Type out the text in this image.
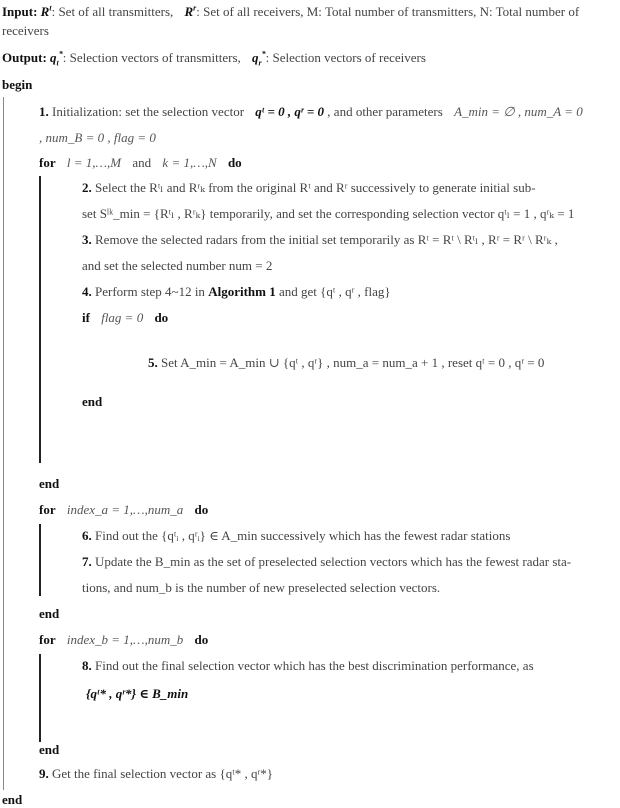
Input: $R^t$: Set of all transmitters, $R^r$: Set of all receivers, M: Total number of transmitters, N: Total number of
receivers
Output: $q_t^*$: Selection vectors of transmitters, $q_r^*$: Selection vectors of receivers
begin
1. Initialization: set the selection vector qᵗ = 0 , qʳ = 0 , and other parameters A_min = ∅ , num_A = 0
, num_B = 0 , flag = 0
for l = 1,…,M and k = 1,…,N do
2. Select the Rᵗₗ and Rʳₖ from the original Rᵗ and Rʳ successively to generate initial sub-
set Sˡᵏ_min = {Rᵗₗ , Rʳₖ} temporarily, and set the corresponding selection vector qᵗₗ = 1 , qʳₖ = 1
3. Remove the selected radars from the initial set temporarily as Rᵗ = Rᵗ \ Rᵗₗ , Rʳ = Rʳ \ Rʳₖ ,
and set the selected number num = 2
4. Perform step 4~12 in Algorithm 1 and get {qᵗ , qʳ , flag}
if flag = 0 do
5. Set A_min = A_min ∪ {qᵗ , qʳ} , num_a = num_a + 1 , reset qᵗ = 0 , qʳ = 0
end
end
for index_a = 1,…,num_a do
6. Find out the {qᵗᵢ , qʳᵢ} ∈ A_min successively which has the fewest radar stations
7. Update the B_min as the set of preselected selection vectors which has the fewest radar sta-
tions, and num_b is the number of new preselected selection vectors.
end
for index_b = 1,…,num_b do
8. Find out the final selection vector which has the best discrimination performance, as
{qᵗ* , qʳ*} ∈ B_min
end
9. Get the final selection vector as {qᵗ* , qʳ*}
end
